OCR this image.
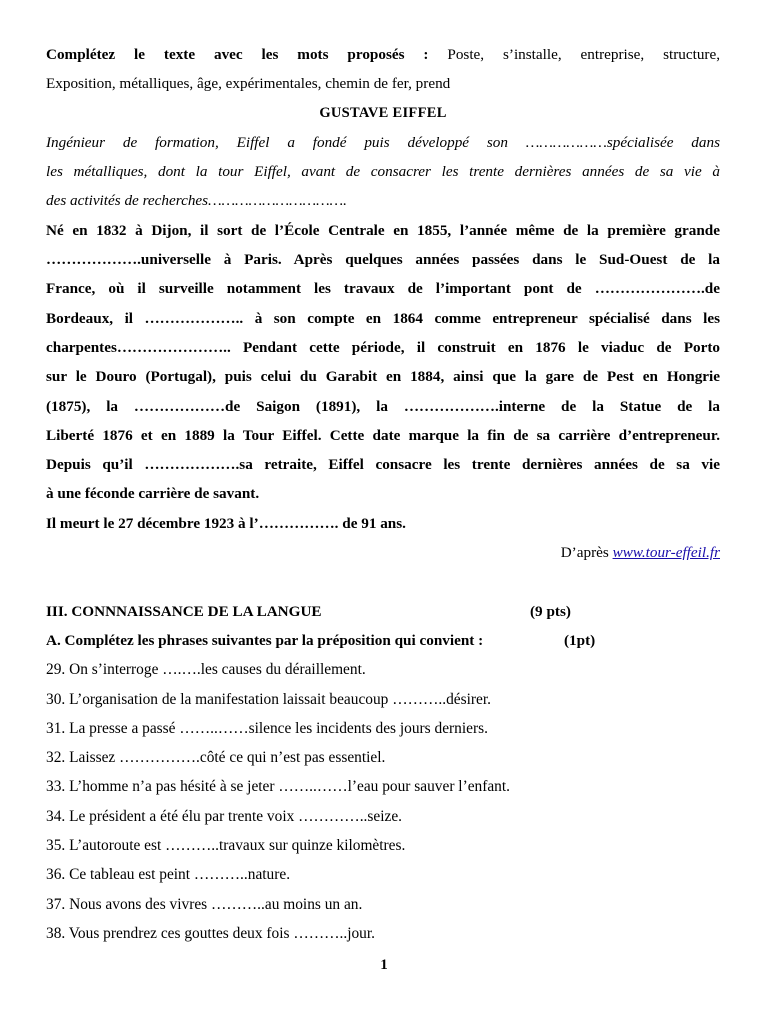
Complétez le texte avec les mots proposés : Poste, s’installe, entreprise, structure,
Exposition, métalliques, âge, expérimentales, chemin de fer, prend
GUSTAVE EIFFEL
Ingénieur de formation, Eiffel a fondé puis développé son ………………spécialisée dans
les métalliques, dont la tour Eiffel, avant de consacrer les trente dernières années de sa vie à
des activités de recherches………………………….
Né en 1832 à Dijon, il sort de l’École Centrale en 1855, l’année même de la première grande
……………….universelle à Paris. Après quelques années passées dans le Sud-Ouest de la
France, où il surveille notamment les travaux de l’important pont de ………………….de
Bordeaux, il ……………….. à son compte en 1864 comme entrepreneur spécialisé dans les
charpentes………………….. Pendant cette période, il construit en 1876 le viaduc de Porto
sur le Douro (Portugal), puis celui du Garabit en 1884, ainsi que la gare de Pest en Hongrie
(1875), la ………………de Saigon (1891), la ……………….interne de la Statue de la
Liberté 1876 et en 1889 la Tour Eiffel. Cette date marque la fin de sa carrière d’entrepreneur.
Depuis qu’il ……………….sa retraite, Eiffel consacre les trente dernières années de sa vie
à une féconde carrière de savant.
Il meurt le 27 décembre 1923 à l’……………. de 91 ans.
D’après www.tour-effeil.fr
III. CONNNAISSANCE DE LA LANGUE	(9 pts)
A. Complétez les phrases suivantes par la préposition qui convient :	(1pt)
29. On s’interroge ….….les causes du déraillement.
30. L’organisation de la manifestation laissait beaucoup ………..désirer.
31. La presse a passé ……..……silence les incidents des jours derniers.
32. Laissez …………….côté ce qui n’est pas essentiel.
33. L’homme n’a pas hésité à se jeter ……..……l’eau pour sauver l’enfant.
34. Le président a été élu par trente voix …………..seize.
35. L’autoroute est ………..travaux sur quinze kilomètres.
36. Ce tableau est peint ………..nature.
37. Nous avons des vivres ………..au moins un an.
38. Vous prendrez ces gouttes deux fois ………..jour.
1
